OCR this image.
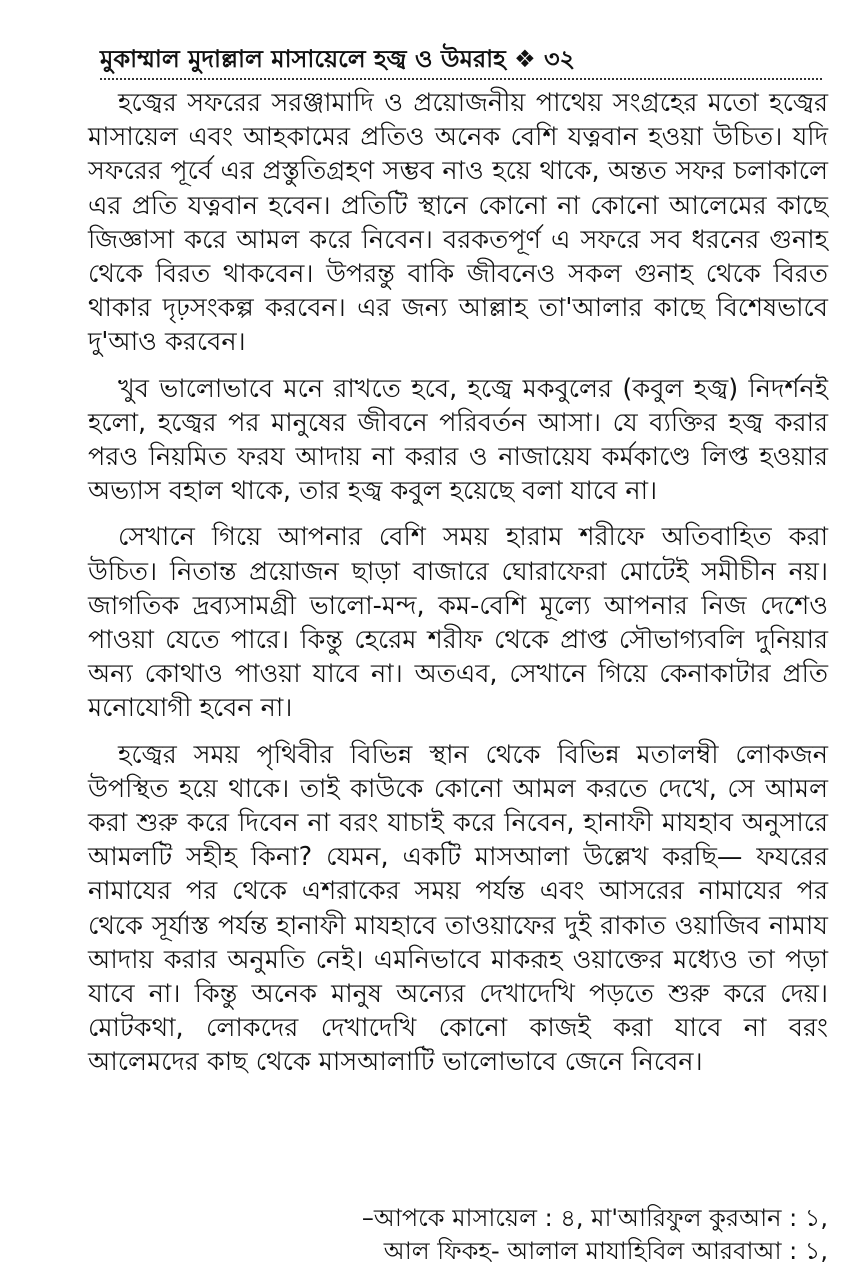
মুকাম্মাল মুদাল্লাল মাসায়েলে হজ্ব ও উমরাহ ❖ ৩২

হজ্বের সফরের সরঞ্জামাদি ও প্রয়োজনীয় পাথেয় সংগ্রহের মতো হজ্বের মাসায়েল এবং আহকামের প্রতিও অনেক বেশি যত্নবান হওয়া উচিত। যদি সফরের পূর্বে এর প্রস্তুতিগ্রহণ সম্ভব নাও হয়ে থাকে, অন্তত সফর চলাকালে এর প্রতি যত্নবান হবেন। প্রতিটি স্থানে কোনো না কোনো আলেমের কাছে জিজ্ঞাসা করে আমল করে নিবেন। বরকতপূর্ণ এ সফরে সব ধরনের গুনাহ থেকে বিরত থাকবেন। উপরন্তু বাকি জীবনেও সকল গুনাহ থেকে বিরত থাকার দৃঢ়সংকল্প করবেন। এর জন্য আল্লাহ তা'আলার কাছে বিশেষভাবে দু'আও করবেন।

খুব ভালোভাবে মনে রাখতে হবে, হজ্বে মকবুলের (কবুল হজ্ব) নিদর্শনই হলো, হজ্বের পর মানুষের জীবনে পরিবর্তন আসা। যে ব্যক্তির হজ্ব করার পরও নিয়মিত ফরয আদায় না করার ও নাজায়েয কর্মকাণ্ডে লিপ্ত হওয়ার অভ্যাস বহাল থাকে, তার হজ্ব কবুল হয়েছে বলা যাবে না।

সেখানে গিয়ে আপনার বেশি সময় হারাম শরীফে অতিবাহিত করা উচিত। নিতান্ত প্রয়োজন ছাড়া বাজারে ঘোরাফেরা মোটেই সমীচীন নয়। জাগতিক দ্রব্যসামগ্রী ভালো-মন্দ, কম-বেশি মূল্যে আপনার নিজ দেশেও পাওয়া যেতে পারে। কিন্তু হেরেম শরীফ থেকে প্রাপ্ত সৌভাগ্যবলি দুনিয়ার অন্য কোথাও পাওয়া যাবে না। অতএব, সেখানে গিয়ে কেনাকাটার প্রতি মনোযোগী হবেন না।

হজ্বের সময় পৃথিবীর বিভিন্ন স্থান থেকে বিভিন্ন মতালম্বী লোকজন উপস্থিত হয়ে থাকে। তাই কাউকে কোনো আমল করতে দেখে, সে আমল করা শুরু করে দিবেন না বরং যাচাই করে নিবেন, হানাফী মাযহাব অনুসারে আমলটি সহীহ কিনা? যেমন, একটি মাসআলা উল্লেখ করছি— ফযরের নামাযের পর থেকে এশরাকের সময় পর্যন্ত এবং আসরের নামাযের পর থেকে সূর্যাস্ত পর্যন্ত হানাফী মাযহাবে তাওয়াফের দুই রাকাত ওয়াজিব নামায আদায় করার অনুমতি নেই। এমনিভাবে মাকরূহ ওয়াক্তের মধ্যেও তা পড়া যাবে না। কিন্তু অনেক মানুষ অন্যের দেখাদেখি পড়তে শুরু করে দেয়। মোটকথা, লোকদের দেখাদেখি কোনো কাজই করা যাবে না বরং আলেমদের কাছ থেকে মাসআলাটি ভালোভাবে জেনে নিবেন।

–আপকে মাসায়েল : ৪, মা'আরিফুল কুরআন : ১,
আল ফিকহ- আলাল মাযাহিবিল আরবাআ : ১,
